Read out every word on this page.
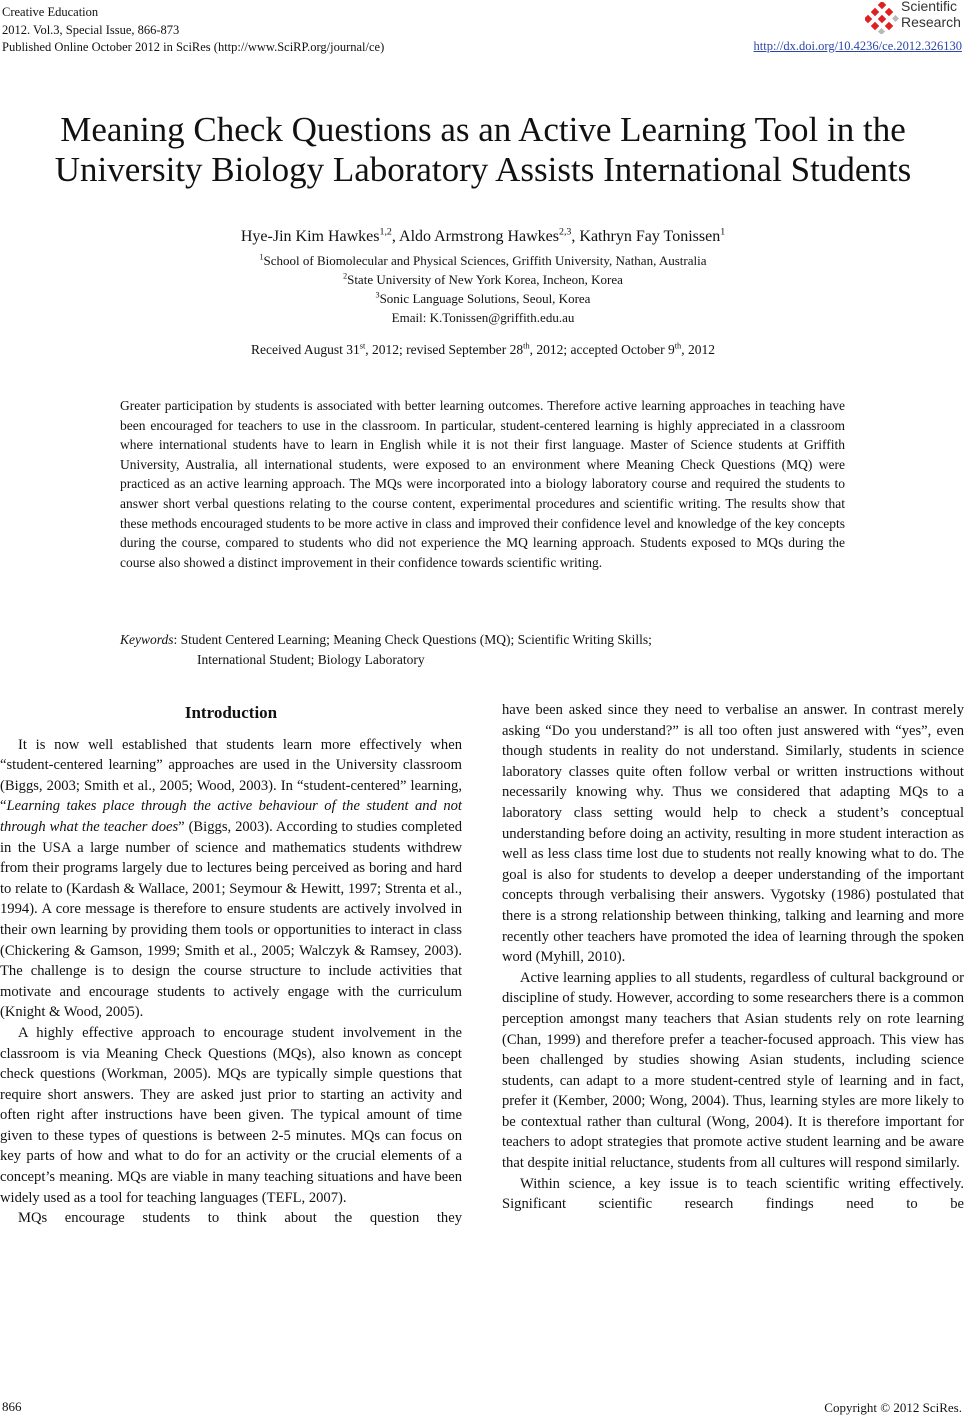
Creative Education
2012. Vol.3, Special Issue, 866-873
Published Online October 2012 in SciRes (http://www.SciRP.org/journal/ce)
Scientific
Research
http://dx.doi.org/10.4236/ce.2012.326130
Meaning Check Questions as an Active Learning Tool in the
University Biology Laboratory Assists International Students
Hye-Jin Kim Hawkes$^{1,2}$, Aldo Armstrong Hawkes$^{2,3}$, Kathryn Fay Tonissen$^1$
$^1$School of Biomolecular and Physical Sciences, Griffith University, Nathan, Australia
$^2$State University of New York Korea, Incheon, Korea
$^3$Sonic Language Solutions, Seoul, Korea
Email: K.Tonissen@griffith.edu.au
Received August 31st, 2012; revised September 28th, 2012; accepted October 9th, 2012
Greater participation by students is associated with better learning outcomes. Therefore active learning approaches in teaching have been encouraged for teachers to use in the classroom. In particular, student-centered learning is highly appreciated in a classroom where international students have to learn in English while it is not their first language. Master of Science students at Griffith University, Australia, all international students, were exposed to an environment where Meaning Check Questions (MQ) were practiced as an active learning approach. The MQs were incorporated into a biology laboratory course and required the students to answer short verbal questions relating to the course content, experimental procedures and scientific writing. The results show that these methods encouraged students to be more active in class and improved their confidence level and knowledge of the key concepts during the course, compared to students who did not experience the MQ learning approach. Students exposed to MQs during the course also showed a distinct improvement in their confidence towards scientific writing.
Keywords: Student Centered Learning; Meaning Check Questions (MQ); Scientific Writing Skills;
International Student; Biology Laboratory
Introduction

It is now well established that students learn more effectively when “student-centered learning” approaches are used in the University classroom (Biggs, 2003; Smith et al., 2005; Wood, 2003). In “student-centered” learning, “Learning takes place through the active behaviour of the student and not through what the teacher does” (Biggs, 2003). According to studies completed in the USA a large number of science and mathematics students withdrew from their programs largely due to lectures being perceived as boring and hard to relate to (Kardash & Wallace, 2001; Seymour & Hewitt, 1997; Strenta et al., 1994). A core message is therefore to ensure students are actively involved in their own learning by providing them tools or opportunities to interact in class (Chickering & Gamson, 1999; Smith et al., 2005; Walczyk & Ramsey, 2003). The challenge is to design the course structure to include activities that motivate and encourage students to actively engage with the curriculum (Knight & Wood, 2005).

A highly effective approach to encourage student involvement in the classroom is via Meaning Check Questions (MQs), also known as concept check questions (Workman, 2005). MQs are typically simple questions that require short answers. They are asked just prior to starting an activity and often right after instructions have been given. The typical amount of time given to these types of questions is between 2-5 minutes. MQs can focus on key parts of how and what to do for an activity or the crucial elements of a concept’s meaning. MQs are viable in many teaching situations and have been widely used as a tool for teaching languages (TEFL, 2007).

MQs encourage students to think about the question they

have been asked since they need to verbalise an answer. In contrast merely asking “Do you understand?” is all too often just answered with “yes”, even though students in reality do not understand. Similarly, students in science laboratory classes quite often follow verbal or written instructions without necessarily knowing why. Thus we considered that adapting MQs to a laboratory class setting would help to check a student’s conceptual understanding before doing an activity, resulting in more student interaction as well as less class time lost due to students not really knowing what to do. The goal is also for students to develop a deeper understanding of the important concepts through verbalising their answers. Vygotsky (1986) postulated that there is a strong relationship between thinking, talking and learning and more recently other teachers have promoted the idea of learning through the spoken word (Myhill, 2010).

Active learning applies to all students, regardless of cultural background or discipline of study. However, according to some researchers there is a common perception amongst many teachers that Asian students rely on rote learning (Chan, 1999) and therefore prefer a teacher-focused approach. This view has been challenged by studies showing Asian students, including science students, can adapt to a more student-centred style of learning and in fact, prefer it (Kember, 2000; Wong, 2004). Thus, learning styles are more likely to be contextual rather than cultural (Wong, 2004). It is therefore important for teachers to adopt strategies that promote active student learning and be aware that despite initial reluctance, students from all cultures will respond similarly.

Within science, a key issue is to teach scientific writing effectively. Significant scientific research findings need to be

866	Copyright © 2012 SciRes.
